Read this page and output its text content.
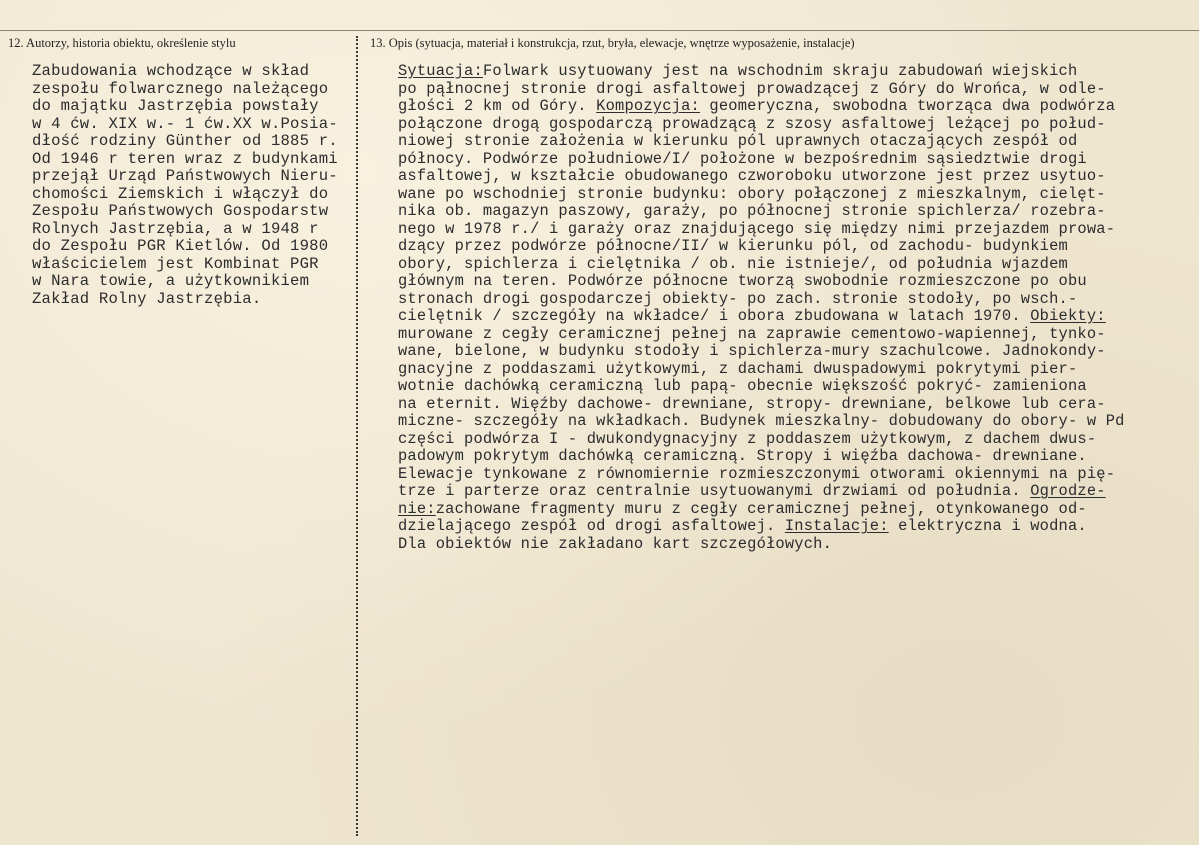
12. Autorzy, historia obiektu, określenie stylu	13. Opis (sytuacja, materiał i konstrukcja, rzut, bryła, elewacje, wnętrze wyposażenie, instalacje)
Zabudowania wchodzące w skład
zespołu folwarcznego należącego
do majątku Jastrzębia powstały
w 4 ćw. XIX w.- 1 ćw.XX w.Posia-
dłość rodziny Günther od 1885 r.
Od 1946 r teren wraz z budynkami
przejął Urząd Państwowych Nieru-
chomości Ziemskich i włączył do
Zespołu Państwowych Gospodarstw
Rolnych Jastrzębia, a w 1948 r
do Zespołu PGR Kietlów. Od 1980
właścicielem jest Kombinat PGR
w Nara towie, a użytkownikiem
Zakład Rolny Jastrzębia.
Sytuacja:Folwark usytuowany jest na wschodnim skraju zabudowań wiejskich
po pąłnocnej stronie drogi asfaltowej prowadzącej z Góry do Wrońca, w odle-
głości 2 km od Góry. Kompozycja: geomeryczna, swobodna tworząca dwa podwórza
połączone drogą gospodarczą prowadzącą z szosy asfaltowej leżącej po połud-
niowej stronie założenia w kierunku pól uprawnych otaczających zespół od
północy. Podwórze południowe/I/ położone w bezpośrednim sąsiedztwie drogi
asfaltowej, w kształcie obudowanego czworoboku utworzone jest przez usytuo-
wane po wschodniej stronie budynku: obory połączonej z mieszkalnym, cielęt-
nika ob. magazyn paszowy, garaży, po północnej stronie spichlerza/ rozebra-
nego w 1978 r./ i garaży oraz znajdującego się między nimi przejazdem prowa-
dzący przez podwórze północne/II/ w kierunku pól, od zachodu- budynkiem
obory, spichlerza i cielętnika / ob. nie istnieje/, od południa wjazdem
głównym na teren. Podwórze północne tworzą swobodnie rozmieszczone po obu
stronach drogi gospodarczej obiekty- po zach. stronie stodoły, po wsch.-
cielętnik / szczegóły na wkładce/ i obora zbudowana w latach 1970. Obiekty:
murowane z cegły ceramicznej pełnej na zaprawie cementowo-wapiennej, tynko-
wane, bielone, w budynku stodoły i spichlerza-mury szachulcowe. Jadnokondy-
gnacyjne z poddaszami użytkowymi, z dachami dwuspadowymi pokrytymi pier-
wotnie dachówką ceramiczną lub papą- obecnie większość pokryć- zamieniona
na eternit. Więźby dachowe- drewniane, stropy- drewniane, belkowe lub cera-
miczne- szczegóły na wkładkach. Budynek mieszkalny- dobudowany do obory- w Pd
części podwórza I - dwukondygnacyjny z poddaszem użytkowym, z dachem dwus-
padowym pokrytym dachówką ceramiczną. Stropy i więźba dachowa- drewniane.
Elewacje tynkowane z równomiernie rozmieszczonymi otworami okiennymi na pię-
trze i parterze oraz centralnie usytuowanymi drzwiami od południa. Ogrodze-
nie:zachowane fragmenty muru z cegły ceramicznej pełnej, otynkowanego od-
dzielającego zespół od drogi asfaltowej. Instalacje: elektryczna i wodna.
Dla obiektów nie zakładano kart szczegółowych.
